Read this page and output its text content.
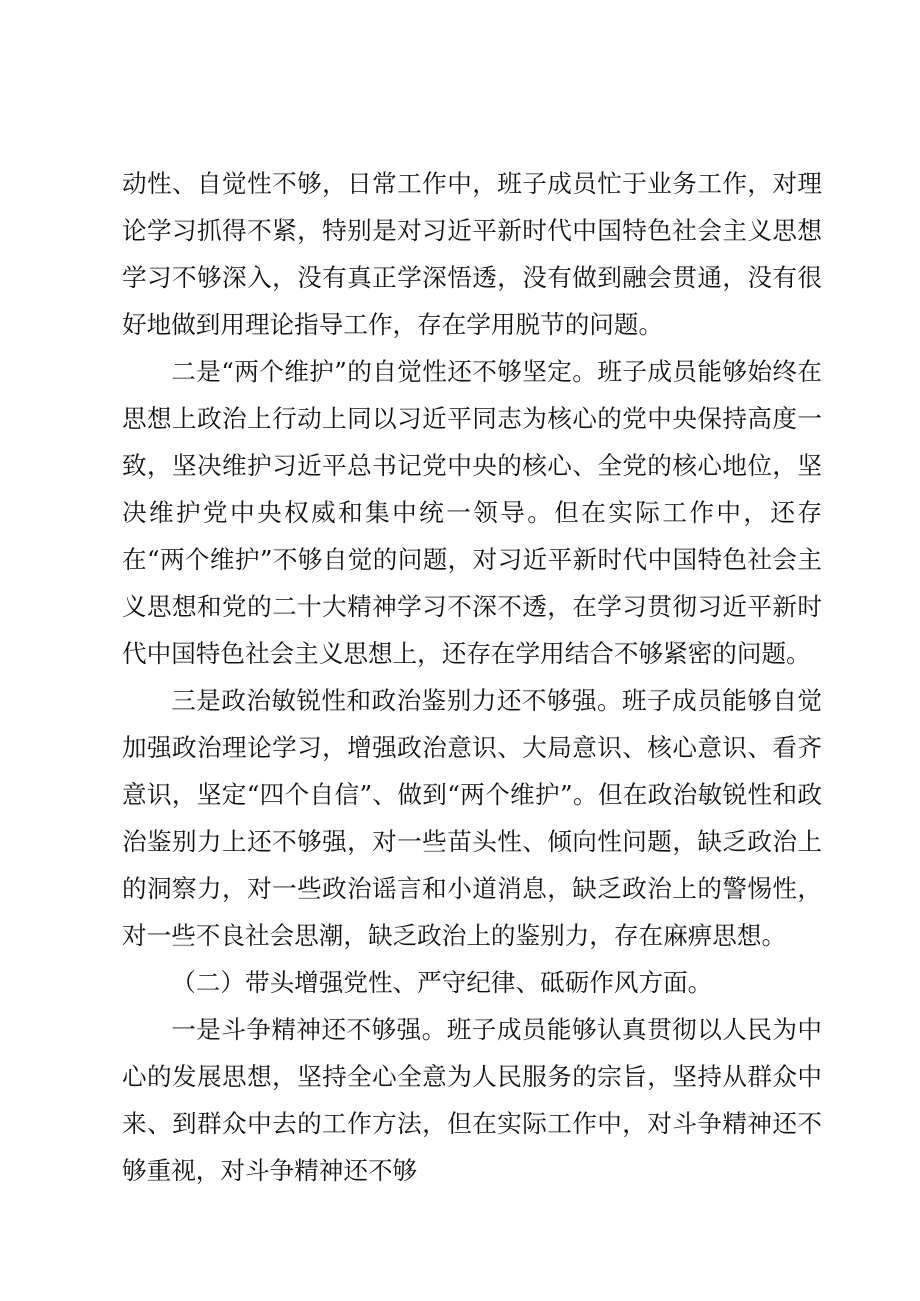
动性、自觉性不够，日常工作中，班子成员忙于业务工作，对理论学习抓得不紧，特别是对习近平新时代中国特色社会主义思想学习不够深入，没有真正学深悟透，没有做到融会贯通，没有很好地做到用理论指导工作，存在学用脱节的问题。

二是“两个维护”的自觉性还不够坚定。班子成员能够始终在思想上政治上行动上同以习近平同志为核心的党中央保持高度一致，坚决维护习近平总书记党中央的核心、全党的核心地位，坚决维护党中央权威和集中统一领导。但在实际工作中，还存在“两个维护”不够自觉的问题，对习近平新时代中国特色社会主义思想和党的二十大精神学习不深不透，在学习贯彻习近平新时代中国特色社会主义思想上，还存在学用结合不够紧密的问题。

三是政治敏锐性和政治鉴别力还不够强。班子成员能够自觉加强政治理论学习，增强政治意识、大局意识、核心意识、看齐意识，坚定“四个自信”、做到“两个维护”。但在政治敏锐性和政治鉴别力上还不够强，对一些苗头性、倾向性问题，缺乏政治上的洞察力，对一些政治谣言和小道消息，缺乏政治上的警惕性，对一些不良社会思潮，缺乏政治上的鉴别力，存在麻痹思想。

（二）带头增强党性、严守纪律、砥砺作风方面。

一是斗争精神还不够强。班子成员能够认真贯彻以人民为中心的发展思想，坚持全心全意为人民服务的宗旨，坚持从群众中来、到群众中去的工作方法，但在实际工作中，对斗争精神还不够重视，对斗争精神还不够
